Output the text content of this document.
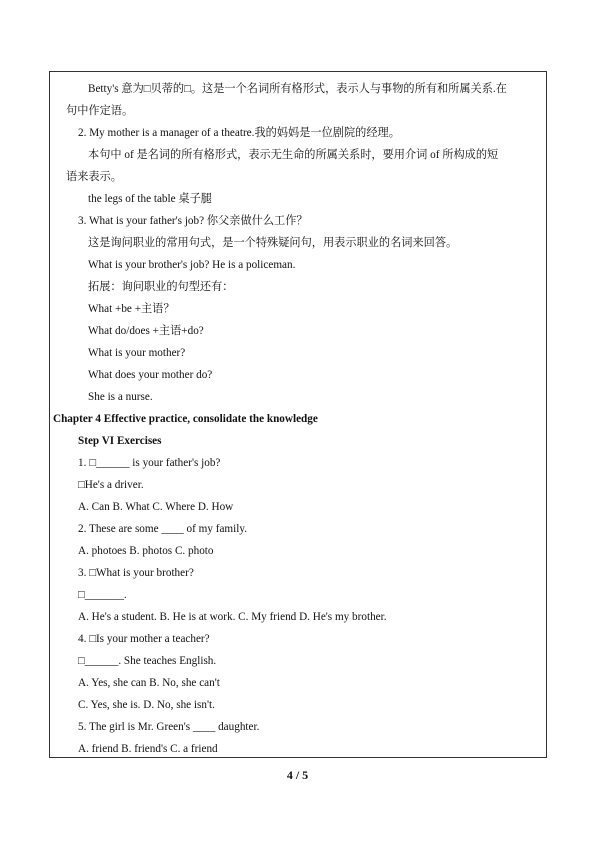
Betty's 意为□贝蒂的□。这是一个名词所有格形式，表示人与事物的所有和所属关系.在
句中作定语。
2. My mother is a manager of a theatre.我的妈妈是一位剧院的经理。
本句中 of 是名词的所有格形式，表示无生命的所属关系时，要用介词 of 所构成的短
语来表示。
the legs of the table 桌子腿
3. What is your father's job? 你父亲做什么工作？
这是询问职业的常用句式，是一个特殊疑问句，用表示职业的名词来回答。
What is your brother's job? He is a policeman.
拓展：询问职业的句型还有：
What +be +主语？
What do/does +主语+do?
What is your mother?
What does your mother do?
She is a nurse.
Chapter 4 Effective practice, consolidate the knowledge
Step VI Exercises
1. □______ is your father's job?
□He's a driver.
A. Can B. What C. Where D. How
2. These are some ____ of my family.
A. photoes B. photos C. photo
3. □What is your brother?
□_______.
A. He's a student. B. He is at work. C. My friend D. He's my brother.
4. □Is your mother a teacher?
□______. She teaches English.
A. Yes, she can B. No, she can't
C. Yes, she is. D. No, she isn't.
5. The girl is Mr. Green's ____ daughter.
A. friend B. friend's C. a friend
4 / 5
